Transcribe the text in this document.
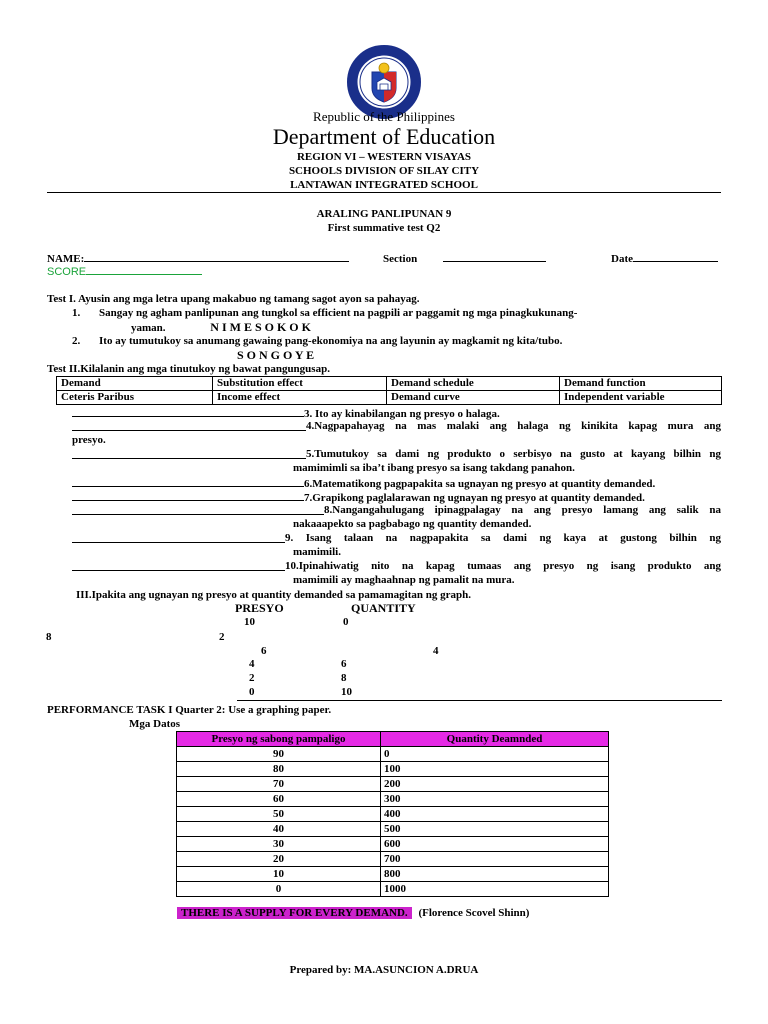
Republic of the Philippines
Department of Education
REGION VI – WESTERN VISAYAS
SCHOOLS DIVISION OF SILAY CITY
LANTAWAN INTEGRATED SCHOOL
ARALING PANLIPUNAN 9
First summative test Q2
NAME:	Section	Date
SCORE
Test I. Ayusin ang mga letra upang makabuo ng tamang sagot ayon sa pahayag.
1. Sangay ng agham panlipunan ang tungkol sa efficient na pagpili ar paggamit ng mga pinagkukunang-
yaman.	N I M E S O K O K
2. Ito ay tumutukoy sa anumang gawaing pang-ekonomiya na ang layunin ay magkamit ng kita/tubo.
S O N G O Y E
Test II.Kilalanin ang mga tinutukoy ng bawat pangungusap.
Demand	Substitution effect	Demand schedule	Demand function
Ceteris Paribus	Income effect	Demand curve	Independent variable
3. Ito ay kinabilangan ng presyo o halaga.
4.Nagpapahayag na mas malaki ang halaga ng kinikita kapag mura ang
presyo.
5.Tumutukoy sa dami ng produkto o serbisyo na gusto at kayang bilhin ng
mamimimli sa iba’t ibang presyo sa isang takdang panahon.
6.Matematikong pagpapakita sa ugnayan ng presyo at quantity demanded.
7.Grapikong paglalarawan ng ugnayan ng presyo at quantity demanded.
8.Nangangahulugang ipinagpalagay na ang presyo lamang ang salik na
nakaaapekto sa pagbabago ng quantity demanded.
9. Isang talaan na nagpapakita sa dami ng kaya at gustong bilhin ng
mamimili.
10.Ipinahiwatig nito na kapag tumaas ang presyo ng isang produkto ang
mamimili ay maghaahnap ng pamalit na mura.
III.Ipakita ang ugnayan ng presyo at quantity demanded sa pamamagitan ng graph.
PRESYO	QUANTITY
10	0
8	2
6	4
4	6
2	8
0	10
PERFORMANCE TASK I Quarter 2: Use a graphing paper.
Mga Datos
Presyo ng sabong pampaligo	Quantity Deamnded
90	0
80	100
70	200
60	300
50	400
40	500
30	600
20	700
10	800
0	1000
THERE IS A SUPPLY FOR EVERY DEMAND. (Florence Scovel Shinn)
Prepared by: MA.ASUNCION A.DRUA
